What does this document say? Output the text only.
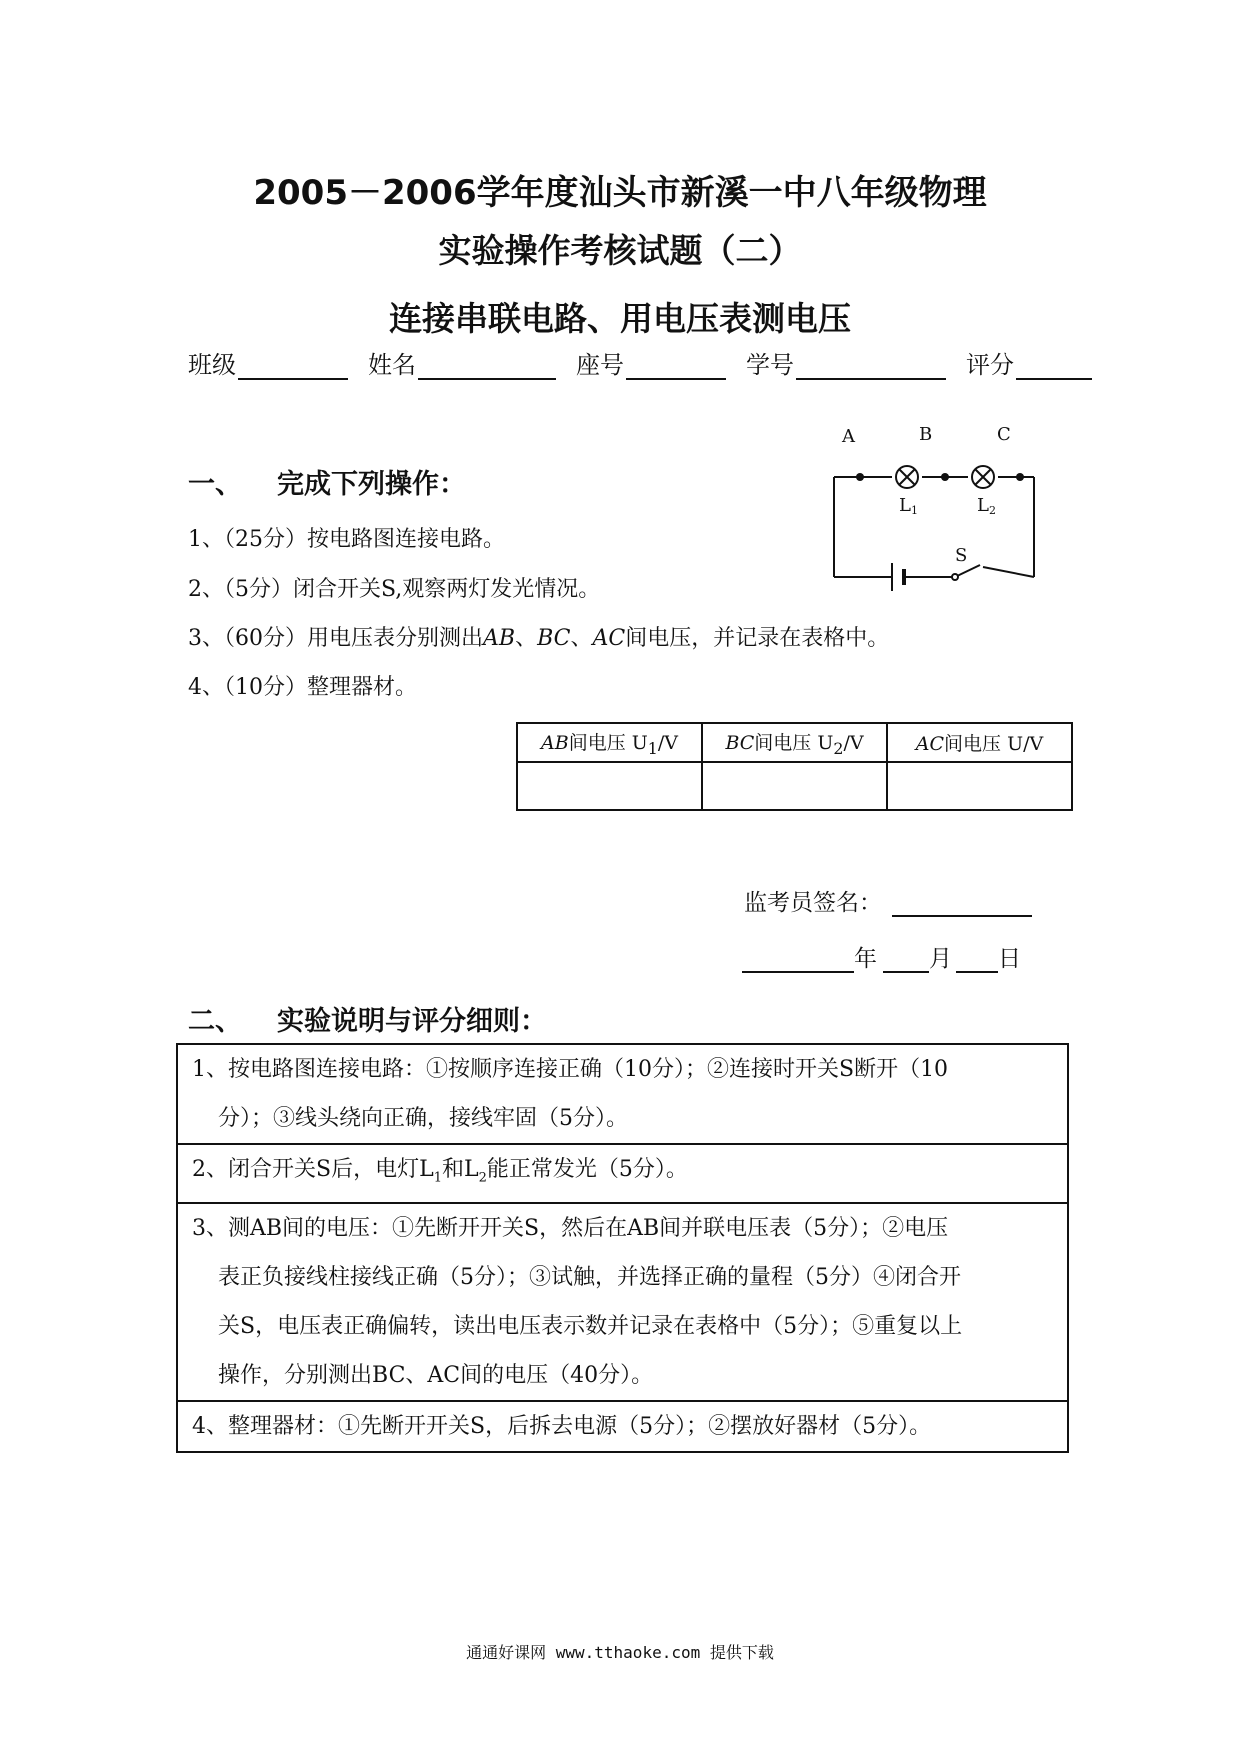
2005－2006学年度汕头市新溪一中八年级物理
实验操作考核试题（二）
连接串联电路、用电压表测电压
班级	姓名	座号	学号	评分
一、 完成下列操作：
1、（25分）按电路图连接电路。
2、（5分）闭合开关S,观察两灯发光情况。
3、（60分）用电压表分别测出AB、BC、AC间电压，并记录在表格中。
4、（10分）整理器材。
A	B	C
S
L1	L2
AB间电压 $U_1/V$	BC间电压 $U_2/V$	AC间电压 U/V

监考员签名：
年 月 日
二、 实验说明与评分细则：
1、按电路图连接电路：①按顺序连接正确（10分）；②连接时开关S断开（10
分）；③线头绕向正确，接线牢固（5分）。
2、闭合开关S后，电灯$L_1$和$L_2$能正常发光（5分）。
3、测AB间的电压：①先断开开关S，然后在AB间并联电压表（5分）；②电压
表正负接线柱接线正确（5分）；③试触，并选择正确的量程（5分）④闭合开
关S，电压表正确偏转，读出电压表示数并记录在表格中（5分）；⑤重复以上
操作，分别测出BC、AC间的电压（40分）。
4、整理器材：①先断开开关S，后拆去电源（5分）；②摆放好器材（5分）。
通通好课网 www.tthaoke.com 提供下载
